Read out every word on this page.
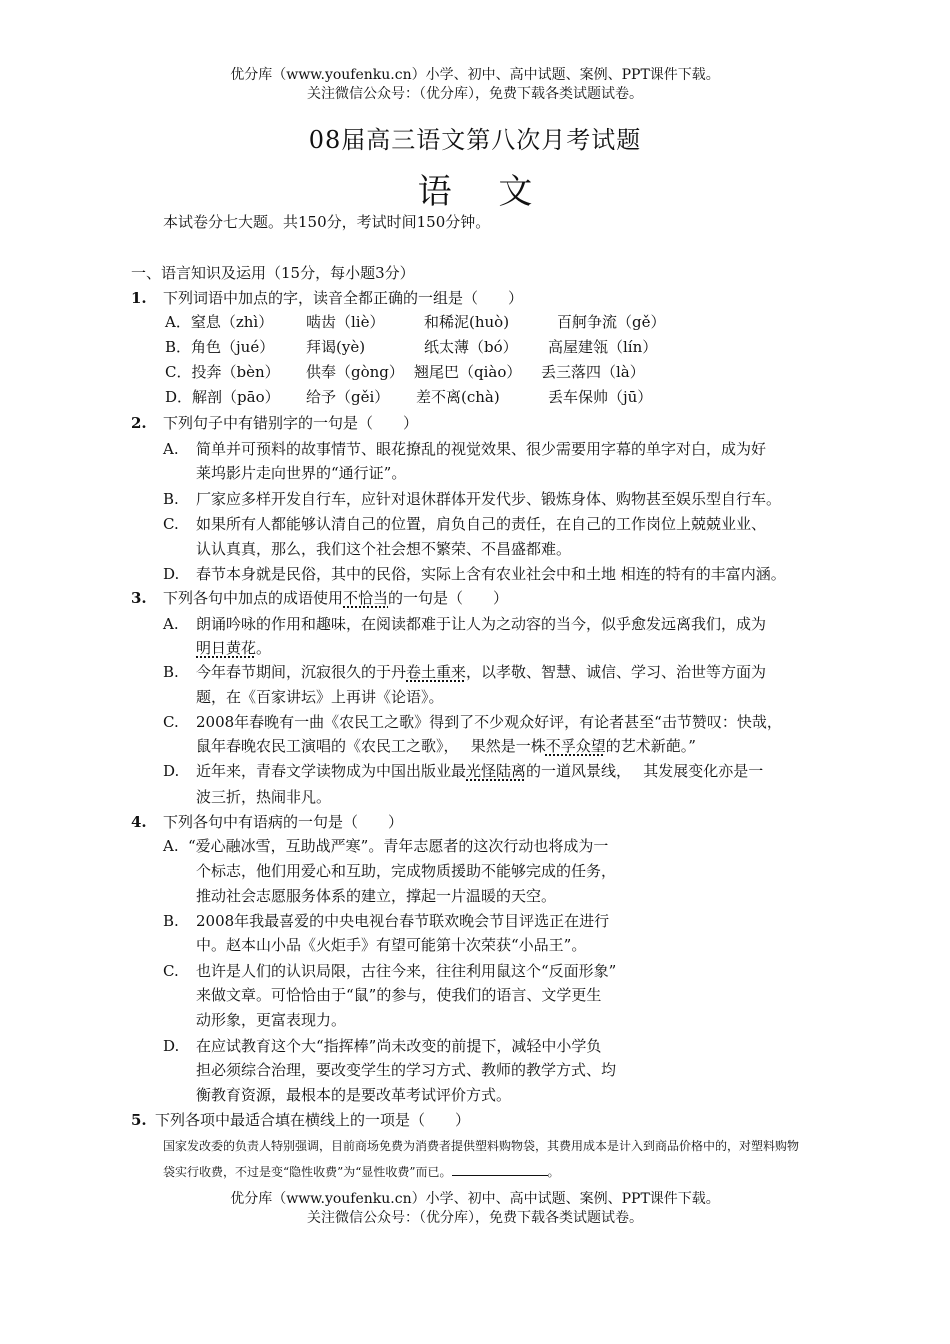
优分库（www.youfenku.cn）小学、初中、高中试题、案例、PPT课件下载。
关注微信公众号：（优分库），免费下载各类试题试卷。
08届高三语文第八次月考试题
语 文
本试卷分七大题。共150分，考试时间150分钟。
一、语言知识及运用（15分，每小题3分）
1. 下列词语中加点的字，读音全都正确的一组是（　　）
A．窒息（zhì） 啮齿（liè）	和稀泥(huò)	百舸争流（gě）
B．角色（jué） 拜谒(yè)	纸太薄（bó） 高屋建瓴（lín）
C．投奔（bèn） 供奉（gòng） 翘尾巴（qiào） 丢三落四（là）
D．解剖（pāo） 给予（gěi） 差不离(chà)	丢车保帅（jū）
2. 下列句子中有错别字的一句是（　　）
A. 简单并可预料的故事情节、眼花撩乱的视觉效果、很少需要用字幕的单字对白，成为好
莱坞影片走向世界的“通行证”。
B. 厂家应多样开发自行车，应针对退休群体开发代步、锻炼身体、购物甚至娱乐型自行车。
C. 如果所有人都能够认清自己的位置，肩负自己的责任，在自己的工作岗位上兢兢业业、
认认真真，那么，我们这个社会想不繁荣、不昌盛都难。
D. 春节本身就是民俗，其中的民俗，实际上含有农业社会中和土地 相连的特有的丰富内涵。
3. 下列各句中加点的成语使用不恰当的一句是（　　）
A. 朗诵吟咏的作用和趣味，在阅读都难于让人为之动容的当今，似乎愈发远离我们，成为
明日黄花。
B. 今年春节期间，沉寂很久的于丹卷土重来，以孝敬、智慧、诚信、学习、治世等方面为
题，在《百家讲坛》上再讲《论语》。
C. 2008年春晚有一曲《农民工之歌》得到了不少观众好评，有论者甚至“击节赞叹：快哉，
鼠年春晚农民工演唱的《农民工之歌》，　 果然是一株不孚众望的艺术新葩。”
D. 近年来，青春文学读物成为中国出版业最光怪陆离的一道风景线，　 其发展变化亦是一
波三折，热闹非凡。
4. 下列各句中有语病的一句是（　　）
A. “爱心融冰雪，互助战严寒”。青年志愿者的这次行动也将成为一
个标志，他们用爱心和互助，完成物质援助不能够完成的任务，
推动社会志愿服务体系的建立，撑起一片温暖的天空。
B. 2008年我最喜爱的中央电视台春节联欢晚会节目评选正在进行
中。赵本山小品《火炬手》有望可能第十次荣获“小品王”。
C. 也许是人们的认识局限，古往今来，往往利用鼠这个“反面形象”
来做文章。可恰恰由于“鼠”的参与，使我们的语言、文学更生
动形象，更富表现力。
D. 在应试教育这个大“指挥棒”尚未改变的前提下，减轻中小学负
担必须综合治理，要改变学生的学习方式、教师的教学方式、均
衡教育资源，最根本的是要改革考试评价方式。
5. 下列各项中最适合填在横线上的一项是（　　）
国家发改委的负责人特别强调，目前商场免费为消费者提供塑料购物袋，其费用成本是计入到商品价格中的，对塑料购物
袋实行收费，不过是变“隐性收费”为“显性收费”而已。	。
优分库（www.youfenku.cn）小学、初中、高中试题、案例、PPT课件下载。
关注微信公众号：（优分库），免费下载各类试题试卷。
